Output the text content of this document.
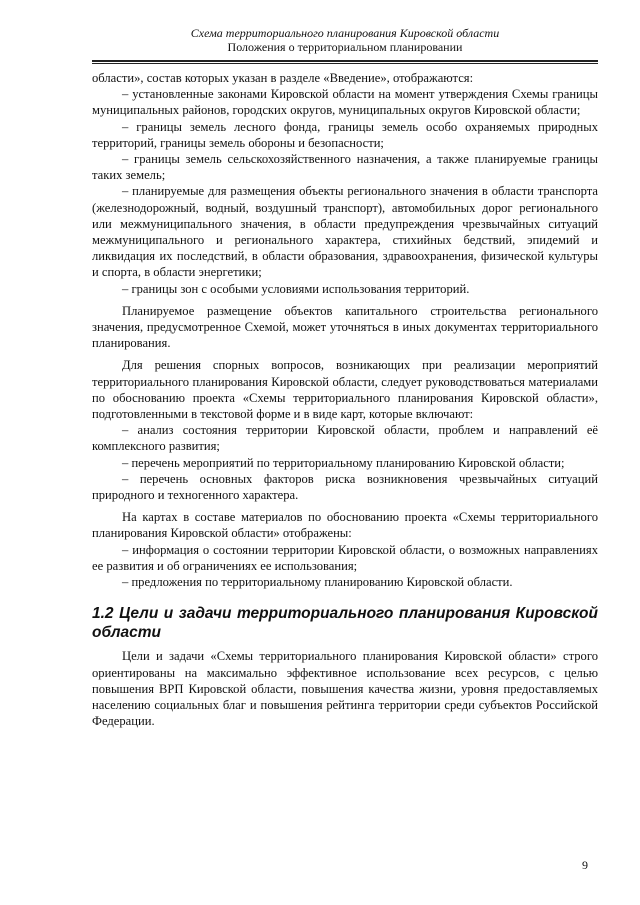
Схема территориального планирования Кировской области
Положения о территориальном планировании

области», состав которых указан в разделе «Введение», отображаются:

– установленные законами Кировской области на момент утверждения Схемы границы муниципальных районов, городских округов, муниципальных округов Кировской области;

– границы земель лесного фонда, границы земель особо охраняемых природных территорий, границы земель обороны и безопасности;

– границы земель сельскохозяйственного назначения, а также планируемые границы таких земель;

– планируемые для размещения объекты регионального значения в области транспорта (железнодорожный, водный, воздушный транспорт), автомобильных дорог регионального или межмуниципального значения, в области предупреждения чрезвычайных ситуаций межмуниципального и регионального характера, стихийных бедствий, эпидемий и ликвидация их последствий, в области образования, здравоохранения, физической культуры и спорта, в области энергетики;

– границы зон с особыми условиями использования территорий.

Планируемое размещение объектов капитального строительства регионального значения, предусмотренное Схемой, может уточняться в иных документах территориального планирования.

Для решения спорных вопросов, возникающих при реализации мероприятий территориального планирования Кировской области, следует руководствоваться материалами по обоснованию проекта «Схемы территориального планирования Кировской области», подготовленными в текстовой форме и в виде карт, которые включают:

– анализ состояния территории Кировской области, проблем и направлений её комплексного развития;

– перечень мероприятий по территориальному планированию Кировской области;

– перечень основных факторов риска возникновения чрезвычайных ситуаций природного и техногенного характера.

На картах в составе материалов по обоснованию проекта «Схемы территориального планирования Кировской области» отображены:

– информация о состоянии территории Кировской области, о возможных направлениях ее развития и об ограничениях ее использования;

– предложения по территориальному планированию Кировской области.

1.2 Цели и задачи территориального планирования Кировской области

Цели и задачи «Схемы территориального планирования Кировской области» строго ориентированы на максимально эффективное использование всех ресурсов, с целью повышения ВРП Кировской области, повышения качества жизни, уровня предоставляемых населению социальных благ и повышения рейтинга территории среди субъектов Российской Федерации.

9
